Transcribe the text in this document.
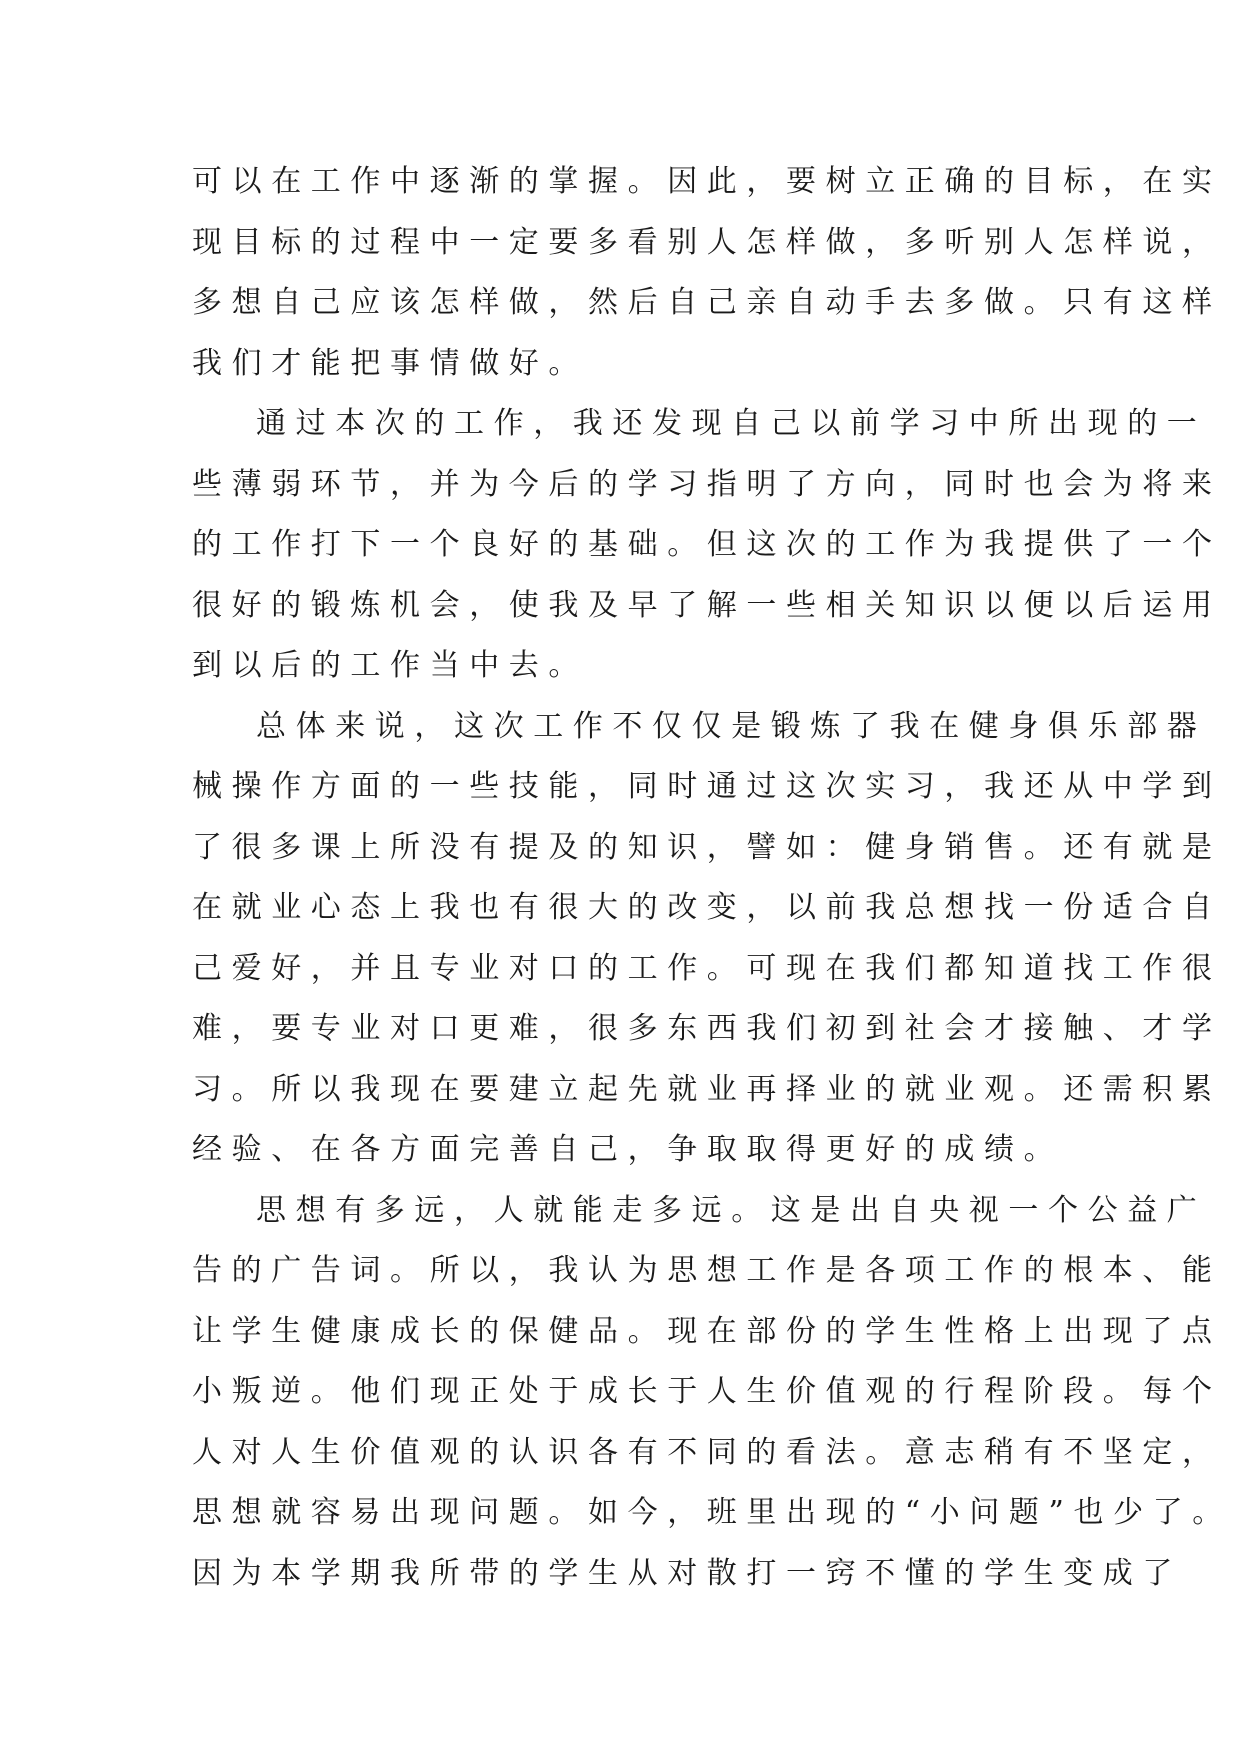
可以在工作中逐渐的掌握。因此，要树立正确的目标，在实
现目标的过程中一定要多看别人怎样做，多听别人怎样说，
多想自己应该怎样做，然后自己亲自动手去多做。只有这样
我们才能把事情做好。
通过本次的工作，我还发现自己以前学习中所出现的一
些薄弱环节，并为今后的学习指明了方向，同时也会为将来
的工作打下一个良好的基础。但这次的工作为我提供了一个
很好的锻炼机会，使我及早了解一些相关知识以便以后运用
到以后的工作当中去。
总体来说，这次工作不仅仅是锻炼了我在健身俱乐部器
械操作方面的一些技能，同时通过这次实习，我还从中学到
了很多课上所没有提及的知识，譬如：健身销售。还有就是
在就业心态上我也有很大的改变，以前我总想找一份适合自
己爱好，并且专业对口的工作。可现在我们都知道找工作很
难，要专业对口更难，很多东西我们初到社会才接触、才学
习。所以我现在要建立起先就业再择业的就业观。还需积累
经验、在各方面完善自己，争取取得更好的成绩。
思想有多远，人就能走多远。这是出自央视一个公益广
告的广告词。所以，我认为思想工作是各项工作的根本、能
让学生健康成长的保健品。现在部份的学生性格上出现了点
小叛逆。他们现正处于成长于人生价值观的行程阶段。每个
人对人生价值观的认识各有不同的看法。意志稍有不坚定，
思想就容易出现问题。如今，班里出现的“小问题”也少了。
因为本学期我所带的学生从对散打一窍不懂的学生变成了
